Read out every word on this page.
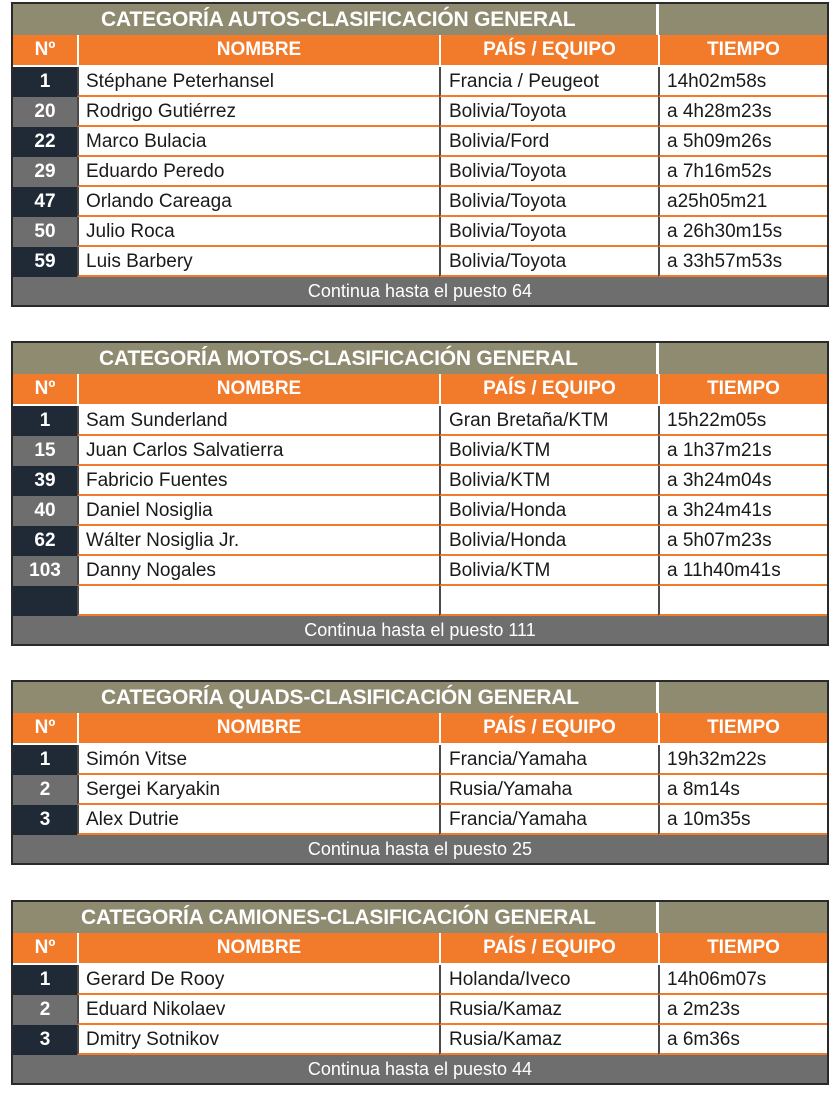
CATEGORÍA AUTOS-CLASIFICACIÓN GENERAL
Nº	NOMBRE	PAÍS / EQUIPO	TIEMPO
1	Stéphane Peterhansel	Francia / Peugeot	14h02m58s
20	Rodrigo Gutiérrez	Bolivia/Toyota	a 4h28m23s
22	Marco Bulacia	Bolivia/Ford	a 5h09m26s
29	Eduardo Peredo	Bolivia/Toyota	a 7h16m52s
47	Orlando Careaga	Bolivia/Toyota	a25h05m21
50	Julio Roca	Bolivia/Toyota	a 26h30m15s
59	Luis Barbery	Bolivia/Toyota	a 33h57m53s
Continua hasta el puesto 64
CATEGORÍA MOTOS-CLASIFICACIÓN GENERAL
Nº	NOMBRE	PAÍS / EQUIPO	TIEMPO
1	Sam Sunderland	Gran Bretaña/KTM	15h22m05s
15	Juan Carlos Salvatierra	Bolivia/KTM	a 1h37m21s
39	Fabricio Fuentes	Bolivia/KTM	a 3h24m04s
40	Daniel Nosiglia	Bolivia/Honda	a 3h24m41s
62	Wálter Nosiglia Jr.	Bolivia/Honda	a 5h07m23s
103	Danny Nogales	Bolivia/KTM	a 11h40m41s
Continua hasta el puesto 111
CATEGORÍA QUADS-CLASIFICACIÓN GENERAL
Nº	NOMBRE	PAÍS / EQUIPO	TIEMPO
1	Simón Vitse	Francia/Yamaha	19h32m22s
2	Sergei Karyakin	Rusia/Yamaha	a 8m14s
3	Alex Dutrie	Francia/Yamaha	a 10m35s
Continua hasta el puesto 25
CATEGORÍA CAMIONES-CLASIFICACIÓN GENERAL
Nº	NOMBRE	PAÍS / EQUIPO	TIEMPO
1	Gerard De Rooy	Holanda/Iveco	14h06m07s
2	Eduard Nikolaev	Rusia/Kamaz	a 2m23s
3	Dmitry Sotnikov	Rusia/Kamaz	a 6m36s
Continua hasta el puesto 44
